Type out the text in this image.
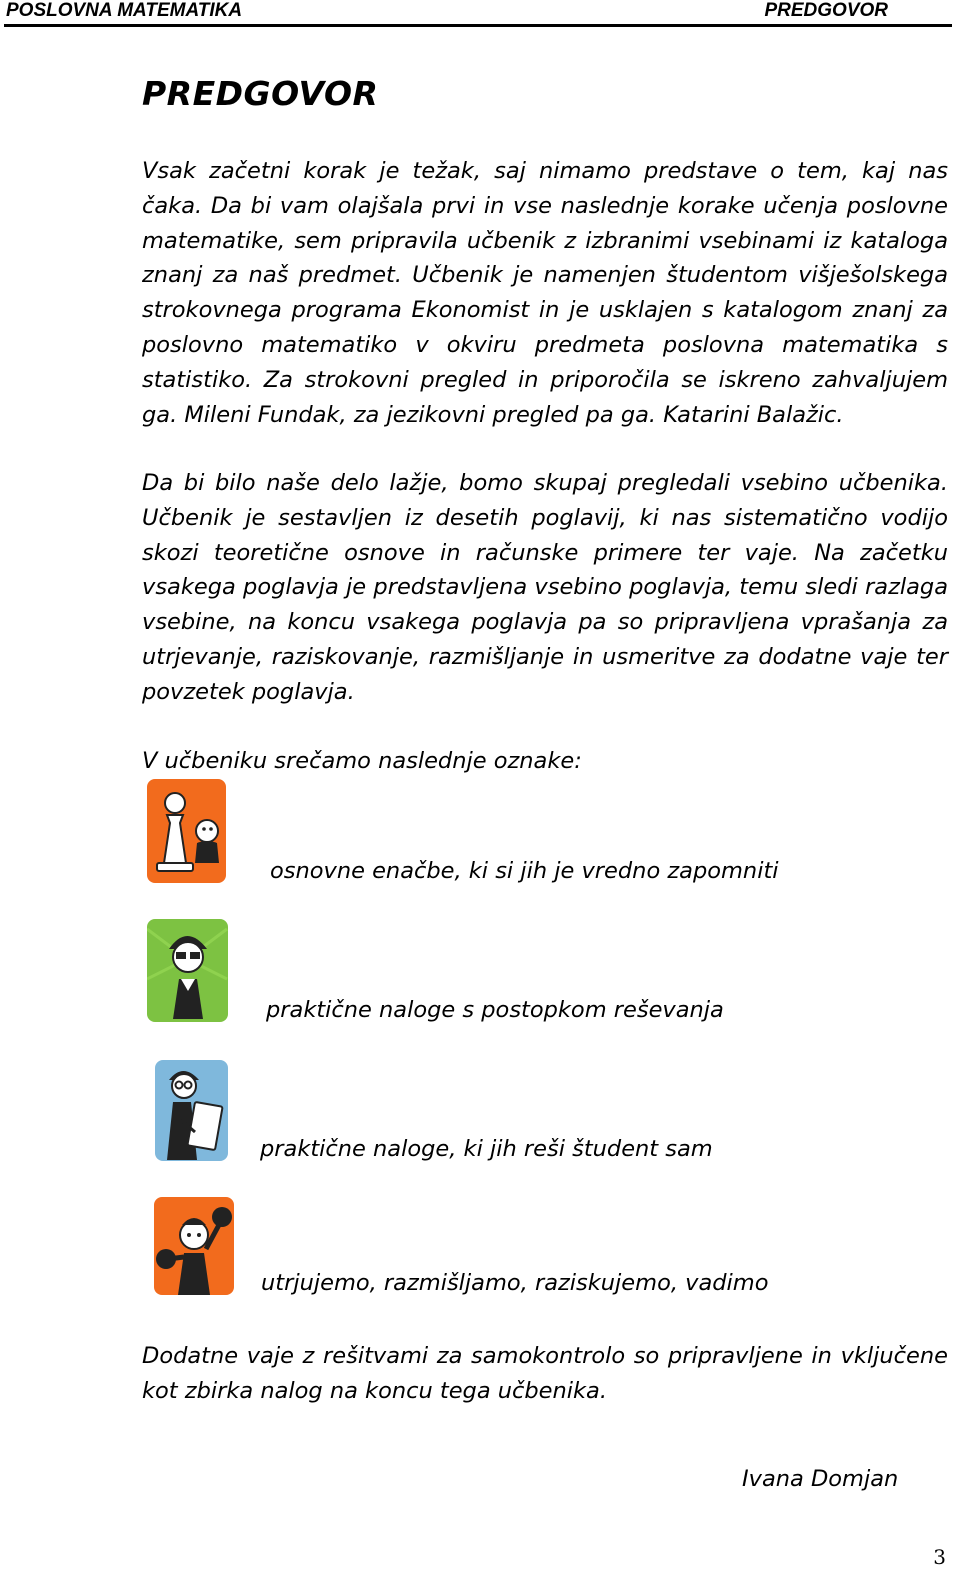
POSLOVNA MATEMATIKA	PREDGOVOR
PREDGOVOR
Vsak začetni korak je težak, saj nimamo predstave o tem, kaj nas čaka. Da bi vam olajšala prvi in vse naslednje korake učenja poslovne matematike, sem pripravila učbenik z izbranimi vsebinami iz kataloga znanj za naš predmet. Učbenik je namenjen študentom višješolskega strokovnega programa Ekonomist in je usklajen s katalogom znanj za poslovno matematiko v okviru predmeta poslovna matematika s statistiko. Za strokovni pregled in priporočila se iskreno zahvaljujem ga. Mileni Fundak, za jezikovni pregled pa ga. Katarini Balažic.
Da bi bilo naše delo lažje, bomo skupaj pregledali vsebino učbenika. Učbenik je sestavljen iz desetih poglavij, ki nas sistematično vodijo skozi teoretične osnove in računske primere ter vaje. Na začetku vsakega poglavja je predstavljena vsebino poglavja, temu sledi razlaga vsebine, na koncu vsakega poglavja pa so pripravljena vprašanja za utrjevanje, raziskovanje, razmišljanje in usmeritve za dodatne vaje ter povzetek poglavja.
V učbeniku srečamo naslednje oznake:
osnovne enačbe, ki si jih je vredno zapomniti
praktične naloge s postopkom reševanja
praktične naloge, ki jih reši študent sam
utrjujemo, razmišljamo, raziskujemo, vadimo
Dodatne vaje z rešitvami za samokontrolo so pripravljene in vključene kot zbirka nalog na koncu tega učbenika.
Ivana Domjan
3
